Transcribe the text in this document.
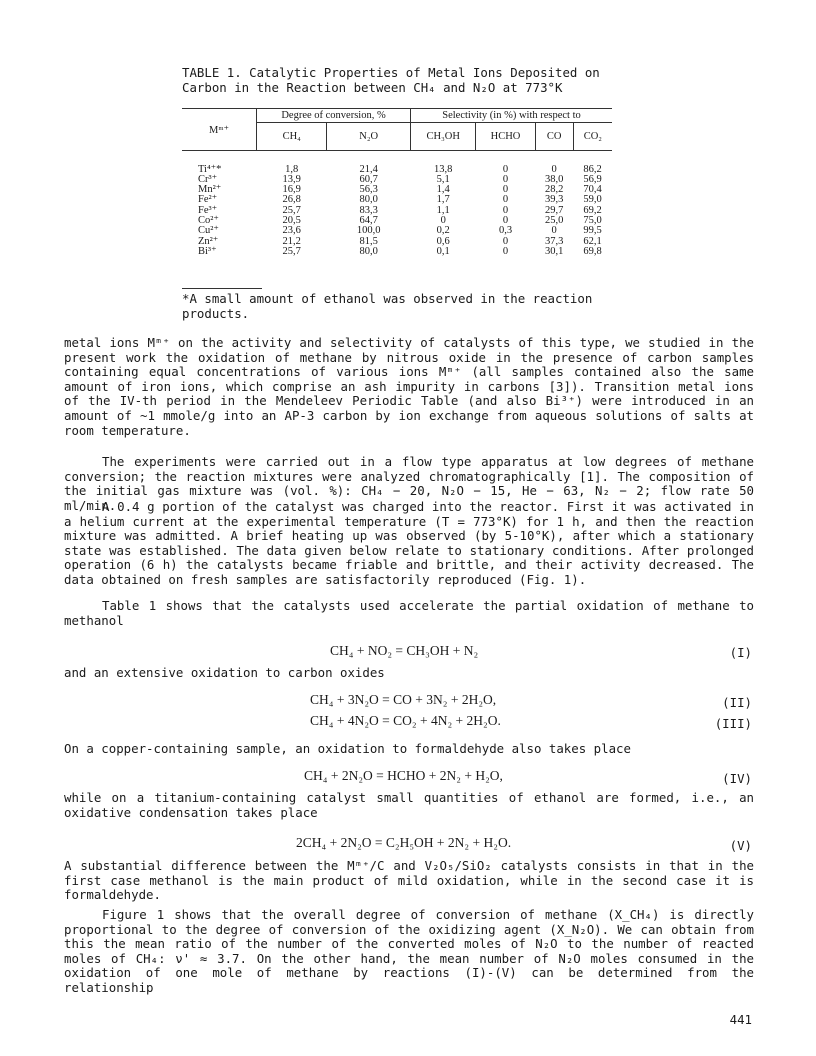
TABLE 1. Catalytic Properties of Metal Ions Deposited on
Carbon in the Reaction between CH₄ and N₂O at 773°K
Mᵐ⁺	Degree of conversion, %		Selectivity (in %) with respect to			
	CH₄	N₂O	CH₃OH	HCHO	CO	CO₂

Ti⁴⁺*	1,8	21,4	13,8	0	0	86,2
Cr³⁺	13,9	60,7	5,1	0	38,0	56,9
Mn²⁺	16,9	56,3	1,4	0	28,2	70,4
Fe²⁺	26,8	80,0	1,7	0	39,3	59,0
Fe³⁺	25,7	83,3	1,1	0	29,7	69,2
Co²⁺	20,5	64,7	0	0	25,0	75,0
Cu²⁺	23,6	100,0	0,2	0,3	0	99,5
Zn²⁺	21,2	81,5	0,6	0	37,3	62,1
Bi³⁺	25,7	80,0	0,1	0	30,1	69,8
*A small amount of ethanol was observed in the reaction products.
metal ions Mᵐ⁺ on the activity and selectivity of catalysts of this type, we studied in the present work the oxidation of methane by nitrous oxide in the presence of carbon samples containing equal concentrations of various ions Mᵐ⁺ (all samples contained also the same amount of iron ions, which comprise an ash impurity in carbons [3]). Transition metal ions of the IV-th period in the Mendeleev Periodic Table (and also Bi³⁺) were introduced in an amount of ~1 mmole/g into an AP-3 carbon by ion exchange from aqueous solutions of salts at room temperature.
The experiments were carried out in a flow type apparatus at low degrees of methane conversion; the reaction mixtures were analyzed chromatographically [1]. The composition of the initial gas mixture was (vol. %): CH₄ − 20, N₂O − 15, He − 63, N₂ − 2; flow rate 50 ml/min.
A 0.4 g portion of the catalyst was charged into the reactor. First it was activated in a helium current at the experimental temperature (T = 773°K) for 1 h, and then the reaction mixture was admitted. A brief heating up was observed (by 5-10°K), after which a stationary state was established. The data given below relate to stationary conditions. After prolonged operation (6 h) the catalysts became friable and brittle, and their activity decreased. The data obtained on fresh samples are satisfactorily reproduced (Fig. 1).
Table 1 shows that the catalysts used accelerate the partial oxidation of methane to methanol
CH₄ + NO₂ = CH₃OH + N₂	(I)
and an extensive oxidation to carbon oxides
CH₄ + 3N₂O = CO + 3N₂ + 2H₂O,	(II)
CH₄ + 4N₂O = CO₂ + 4N₂ + 2H₂O.	(III)
On a copper-containing sample, an oxidation to formaldehyde also takes place
CH₄ + 2N₂O = HCHO + 2N₂ + H₂O,	(IV)
while on a titanium-containing catalyst small quantities of ethanol are formed, i.e., an oxidative condensation takes place
2CH₄ + 2N₂O = C₂H₅OH + 2N₂ + H₂O.	(V)
A substantial difference between the Mᵐ⁺/C and V₂O₅/SiO₂ catalysts consists in that in the first case methanol is the main product of mild oxidation, while in the second case it is formaldehyde.
Figure 1 shows that the overall degree of conversion of methane (X_CH₄) is directly proportional to the degree of conversion of the oxidizing agent (X_N₂O). We can obtain from this the mean ratio of the number of the converted moles of N₂O to the number of reacted moles of CH₄: ν' ≈ 3.7. On the other hand, the mean number of N₂O moles consumed in the oxidation of one mole of methane by reactions (I)-(V) can be determined from the relationship
441
